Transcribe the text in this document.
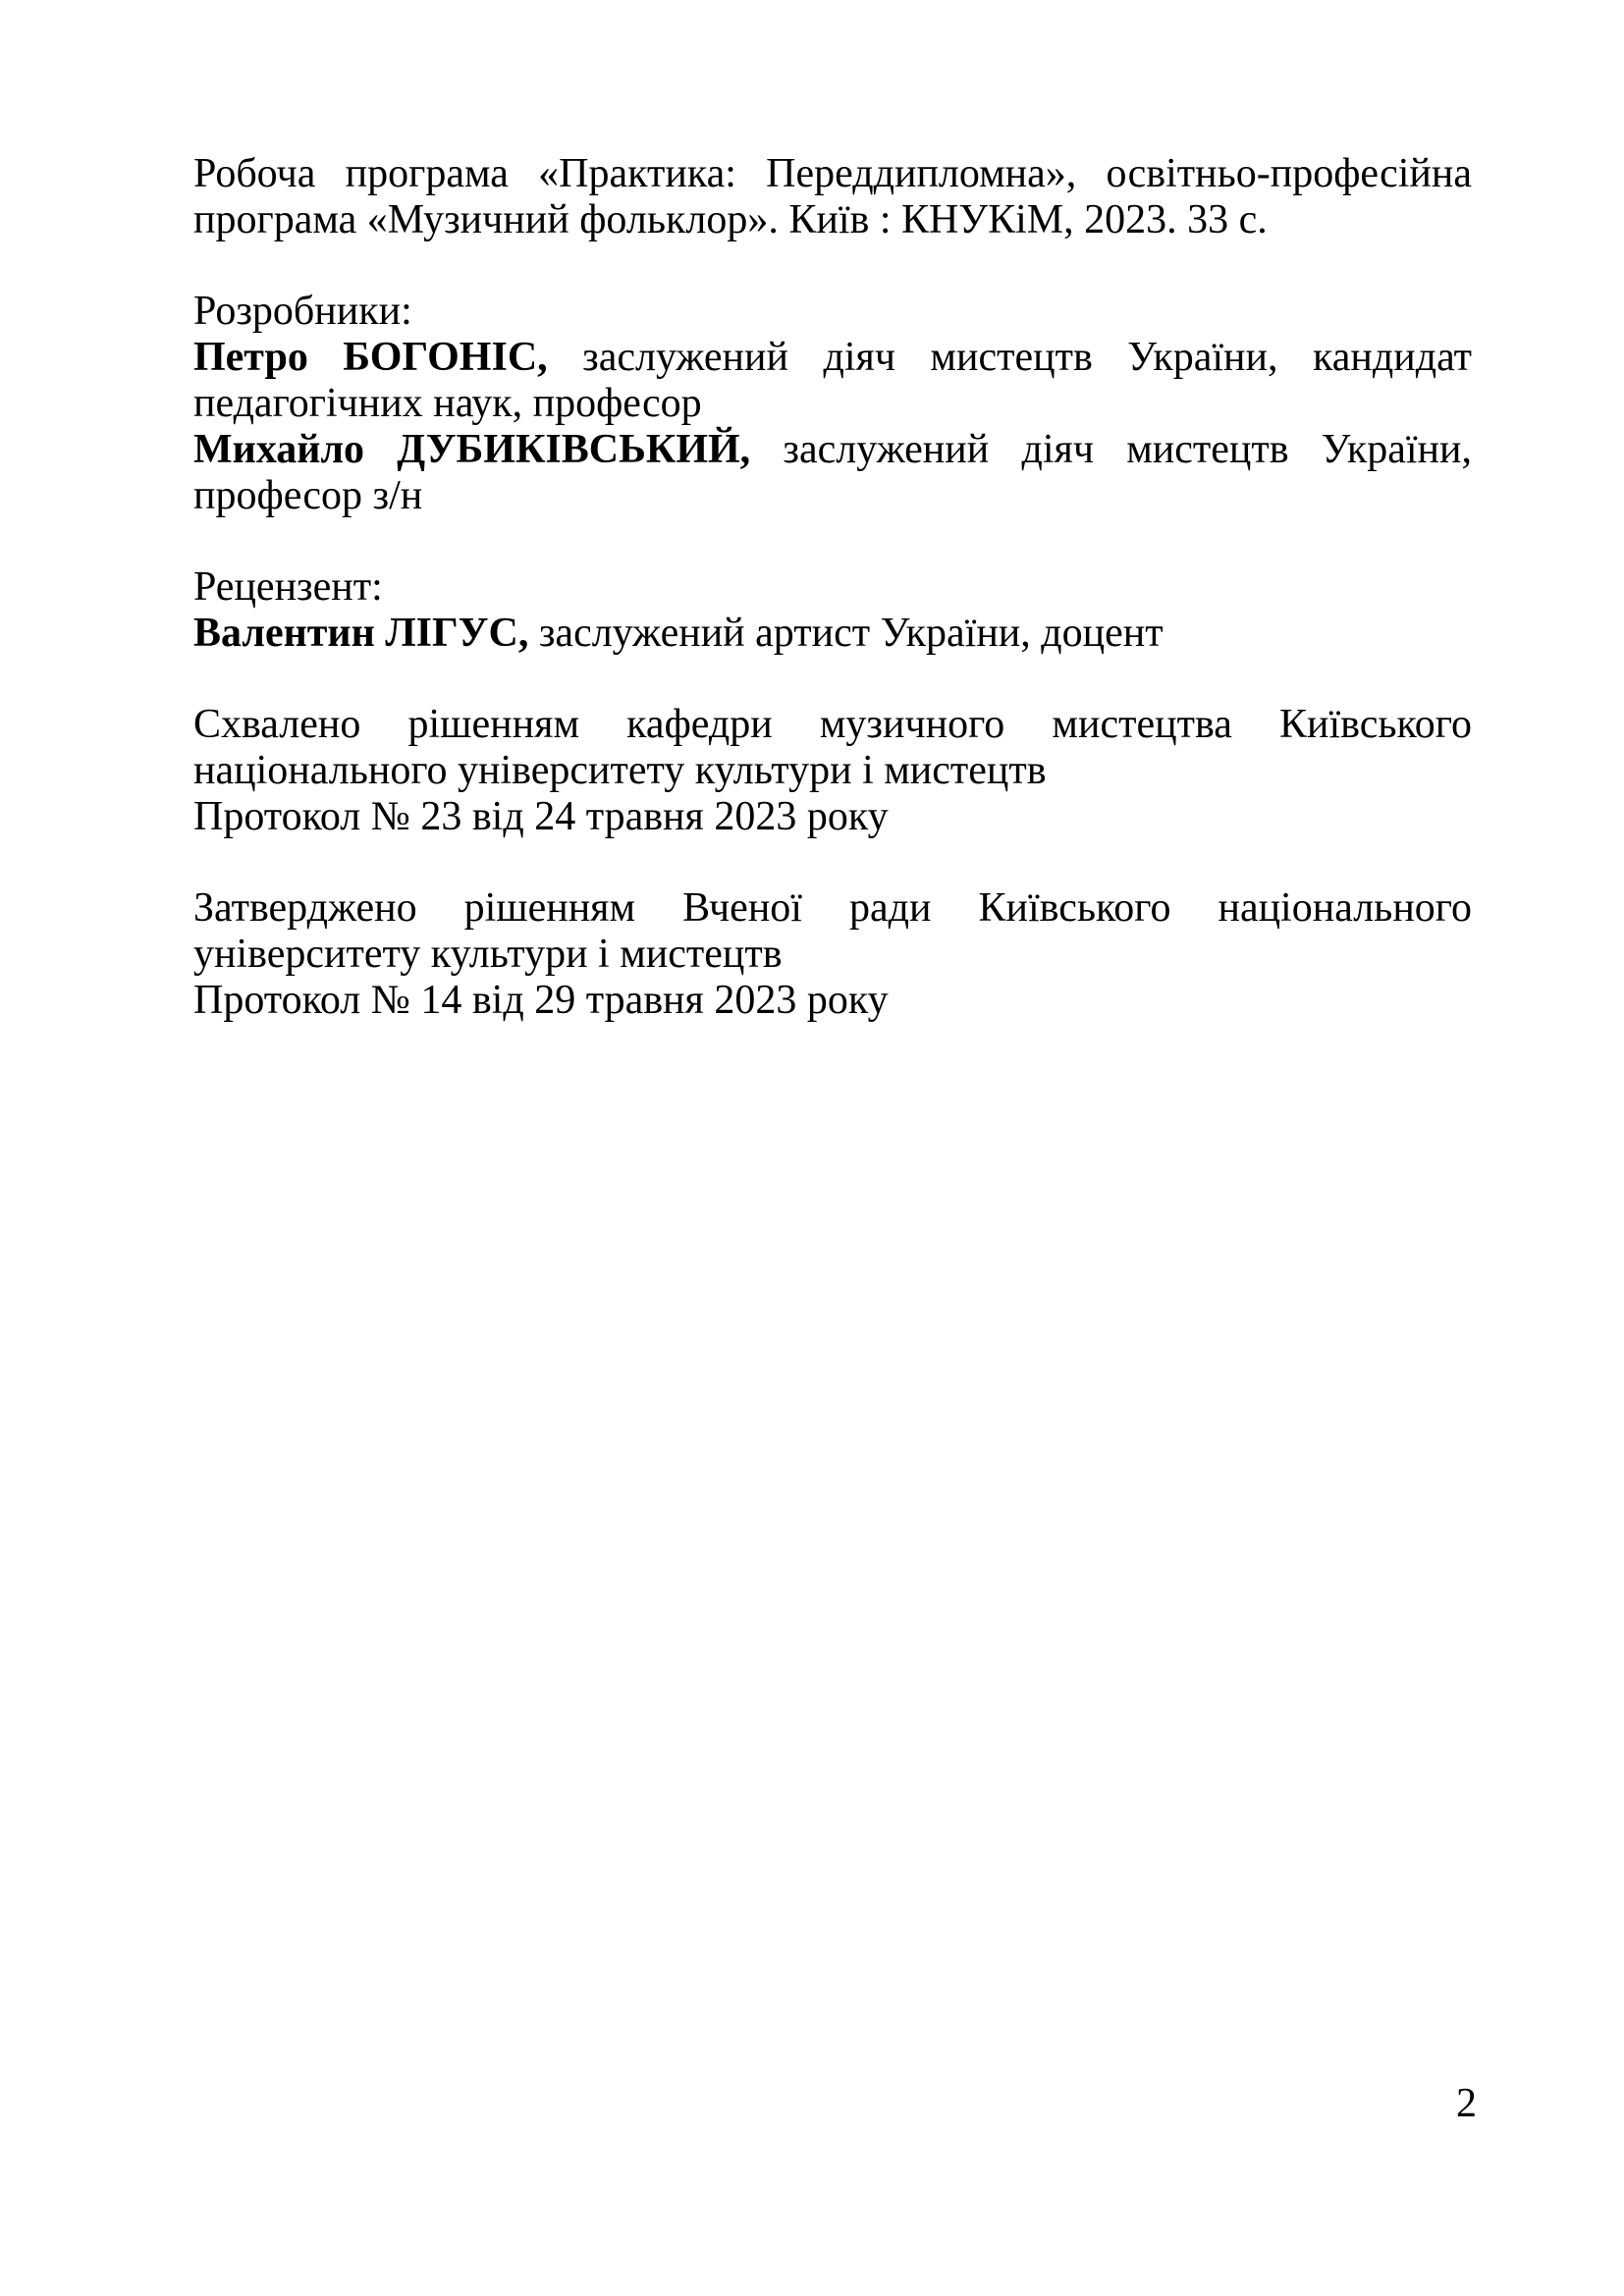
Робоча програма «Практика: Переддипломна», освітньо-професійна програма «Музичний фольклор». Київ : КНУКіМ, 2023. 33 с.

Розробники:
Петро БОГОНІС, заслужений діяч мистецтв України, кандидат педагогічних наук, професор
Михайло ДУБИКІВСЬКИЙ, заслужений діяч мистецтв України, професор з/н
Рецензент:
Валентин ЛІГУС, заслужений артист України, доцент
Схвалено рішенням кафедри музичного мистецтва Київського національного університету культури і мистецтв
Протокол № 23 від 24 травня 2023 року
Затверджено рішенням Вченої ради Київського національного університету культури і мистецтв
Протокол № 14 від 29 травня 2023 року
2
